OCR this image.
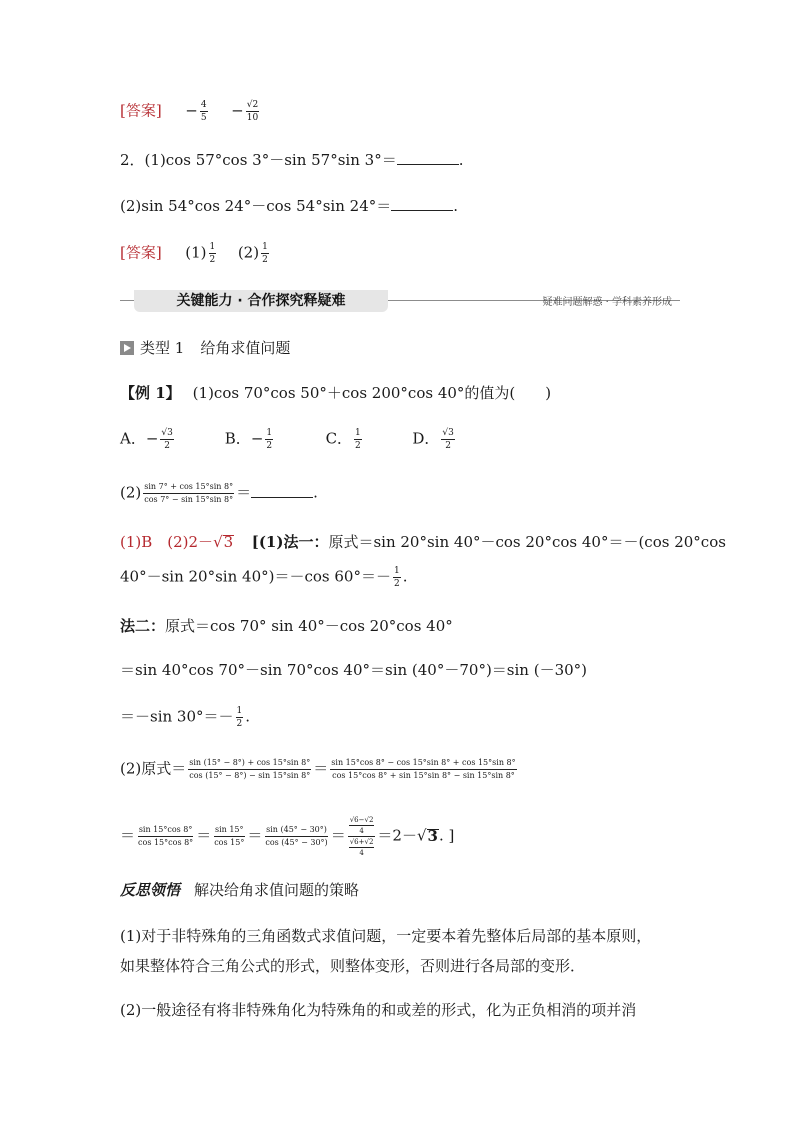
[答案] − $\frac{4}{5} - \frac{√2}{10}$
2．(1)cos 57°cos 3°－sin 57°sin 3°＝	.
(2)sin 54°cos 24°－cos 54°sin 24°＝	.
[答案] $(1) \frac{1}{2} (2) \frac{1}{2}$
关键能力 · 合作探究释疑难	疑难问题解惑 · 学科素养形成
类型 1 给角求值问题
【例 1】 (1)cos 70°cos 50°＋cos 200°cos 40°的值为(　　)
A．− $\frac{√3}{2}$	B．− $\frac{1}{2}$	C． $\frac{1}{2}$	D． $\frac{√3}{2}$
$(2) \frac{\sin 7^\circ + \cos 15^\circ\sin 8^\circ}{\cos 7^\circ - \sin 15^\circ\sin 8^\circ}$ ＝	.
(1)B　(2)2－√3 [(1)法一：原式＝sin 20°sin 40°－cos 20°cos 40°＝－(cos 20°cos
40°－sin 20°sin 40°)＝－cos $60^\circ=- \frac{1}{2}$ .
法二：原式＝cos 70° sin 40°－cos 20°cos 40°
＝sin 40°cos 70°－sin 70°cos 40°＝sin (40°－70°)＝sin (－30°)
＝－sin $30^\circ=- \frac{1}{2}$ .
(2)原式＝ $\frac{\sin (15^\circ - 8^\circ) + \cos 15^\circ\sin 8^\circ}{\cos (15^\circ - 8^\circ) - \sin 15^\circ\sin 8^\circ} = \frac{\sin 15^\circ\cos 8^\circ - \cos 15^\circ\sin 8^\circ + \cos 15^\circ\sin 8^\circ}{\cos 15^\circ\cos 8^\circ + \sin 15^\circ\sin 8^\circ - \sin 15^\circ\sin 8^\circ}$
＝ $\frac{\sin 15^\circ\cos 8^\circ}{\cos 15^\circ\cos 8^\circ} = \frac{\sin 15^\circ}{\cos 15^\circ} = \frac{\sin (45^\circ - 30^\circ)}{\cos (45^\circ - 30^\circ)} = \frac{\frac{√6-√2}{4}}{\frac{√6+√2}{4}} =2-√3$. ]
反思领悟 解决给角求值问题的策略
(1)对于非特殊角的三角函数式求值问题，一定要本着先整体后局部的基本原则，
如果整体符合三角公式的形式，则整体变形，否则进行各局部的变形．
(2)一般途径有将非特殊角化为特殊角的和或差的形式，化为正负相消的项并消
